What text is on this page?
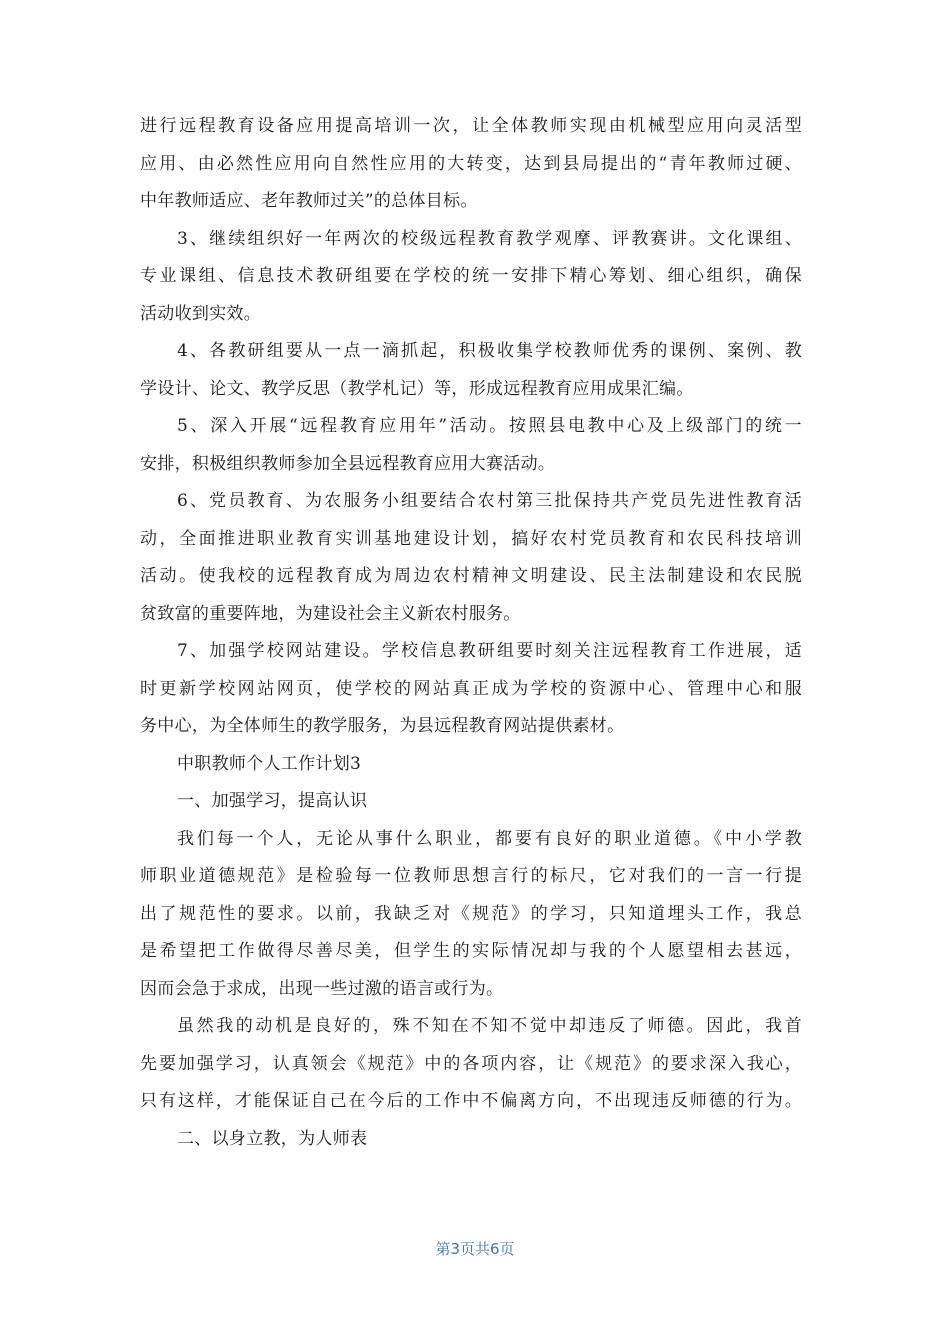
进行远程教育设备应用提高培训一次，让全体教师实现由机械型应用向灵活型
应用、由必然性应用向自然性应用的大转变，达到县局提出的“青年教师过硬、
中年教师适应、老年教师过关”的总体目标。
3、继续组织好一年两次的校级远程教育教学观摩、评教赛讲。文化课组、
专业课组、信息技术教研组要在学校的统一安排下精心筹划、细心组织，确保
活动收到实效。
4、各教研组要从一点一滴抓起，积极收集学校教师优秀的课例、案例、教
学设计、论文、教学反思（教学札记）等，形成远程教育应用成果汇编。
5、深入开展“远程教育应用年”活动。按照县电教中心及上级部门的统一
安排，积极组织教师参加全县远程教育应用大赛活动。
6、党员教育、为农服务小组要结合农村第三批保持共产党员先进性教育活
动，全面推进职业教育实训基地建设计划，搞好农村党员教育和农民科技培训
活动。使我校的远程教育成为周边农村精神文明建设、民主法制建设和农民脱
贫致富的重要阵地，为建设社会主义新农村服务。
7、加强学校网站建设。学校信息教研组要时刻关注远程教育工作进展，适
时更新学校网站网页，使学校的网站真正成为学校的资源中心、管理中心和服
务中心，为全体师生的教学服务，为县远程教育网站提供素材。
中职教师个人工作计划3
一、加强学习，提高认识
我们每一个人，无论从事什么职业，都要有良好的职业道德。《中小学教
师职业道德规范》是检验每一位教师思想言行的标尺，它对我们的一言一行提
出了规范性的要求。以前，我缺乏对《规范》的学习，只知道埋头工作，我总
是希望把工作做得尽善尽美，但学生的实际情况却与我的个人愿望相去甚远，
因而会急于求成，出现一些过激的语言或行为。
虽然我的动机是良好的，殊不知在不知不觉中却违反了师德。因此，我首
先要加强学习，认真领会《规范》中的各项内容，让《规范》的要求深入我心，
只有这样，才能保证自己在今后的工作中不偏离方向，不出现违反师德的行为。
二、以身立教，为人师表
第3页共6页
